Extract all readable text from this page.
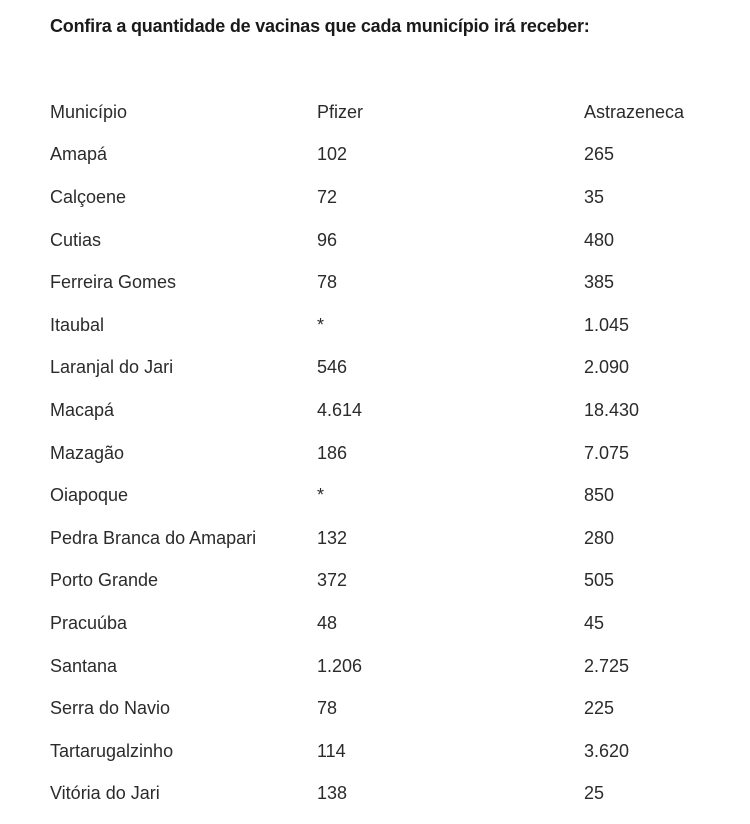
Confira a quantidade de vacinas que cada município irá receber:
Município	Pfizer	Astrazeneca
Amapá	102	265
Calçoene	72	35
Cutias	96	480
Ferreira Gomes	78	385
Itaubal	*	1.045
Laranjal do Jari	546	2.090
Macapá	4.614	18.430
Mazagão	186	7.075
Oiapoque	*	850
Pedra Branca do Amapari	132	280
Porto Grande	372	505
Pracuúba	48	45
Santana	1.206	2.725
Serra do Navio	78	225
Tartarugalzinho	114	3.620
Vitória do Jari	138	25
